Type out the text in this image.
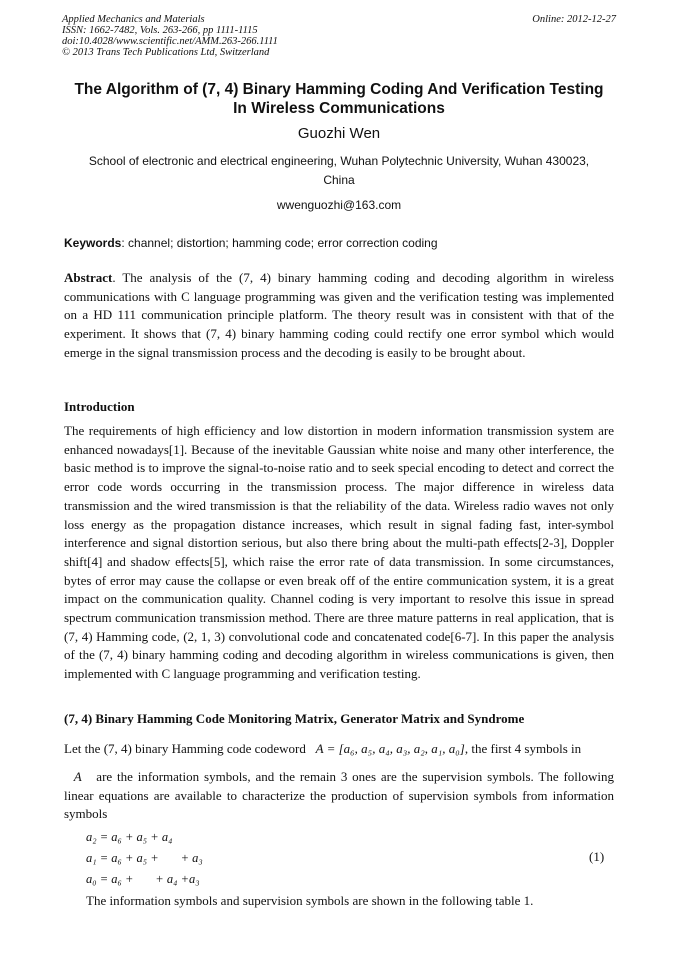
Applied Mechanics and Materials
ISSN: 1662-7482, Vols. 263-266, pp 1111-1115
doi:10.4028/www.scientific.net/AMM.263-266.1111
© 2013 Trans Tech Publications Ltd, Switzerland
Online: 2012-12-27
The Algorithm of (7, 4) Binary Hamming Coding And Verification Testing
In Wireless Communications
Guozhi Wen
School of electronic and electrical engineering, Wuhan Polytechnic University, Wuhan 430023,
China
wwenguozhi@163.com
Keywords: channel; distortion; hamming code; error correction coding
Abstract. The analysis of the (7, 4) binary hamming coding and decoding algorithm in wireless communications with C language programming was given and the verification testing was implemented on a HD 111 communication principle platform. The theory result was in consistent with that of the experiment. It shows that (7, 4) binary hamming coding could rectify one error symbol which would emerge in the signal transmission process and the decoding is easily to be brought about.
Introduction
The requirements of high efficiency and low distortion in modern information transmission system are enhanced nowadays[1]. Because of the inevitable Gaussian white noise and many other interference, the basic method is to improve the signal-to-noise ratio and to seek special encoding to detect and correct the error code words occurring in the transmission process. The major difference in wireless data transmission and the wired transmission is that the reliability of the data. Wireless radio waves not only loss energy as the propagation distance increases, which result in signal fading fast, inter-symbol interference and signal distortion serious, but also there bring about the multi-path effects[2-3], Doppler shift[4] and shadow effects[5], which raise the error rate of data transmission. In some circumstances, bytes of error may cause the collapse or even break off of the entire communication system, it is a great impact on the communication quality. Channel coding is very important to resolve this issue in spread spectrum communication transmission method. There are three mature patterns in real application, that is (7, 4) Hamming code, (2, 1, 3) convolutional code and concatenated code[6-7]. In this paper the analysis of the (7, 4) binary hamming coding and decoding algorithm in wireless communications is given, then implemented with C language programming and verification testing.
(7, 4) Binary Hamming Code Monitoring Matrix, Generator Matrix and Syndrome
Let the (7, 4) binary Hamming code codeword A = [a₆, a₅, a₄, a₃, a₂, a₁, a₀], the first 4 symbols in
A are the information symbols, and the remain 3 ones are the supervision symbols. The following linear equations are available to characterize the production of supervision symbols from information symbols
a₂ = a₆ + a₅ + a₄
a₁ = a₆ + a₅ +       + a₃
a₀ = a₆ +       + a₄ +a₃
(1)
The information symbols and supervision symbols are shown in the following table 1.
